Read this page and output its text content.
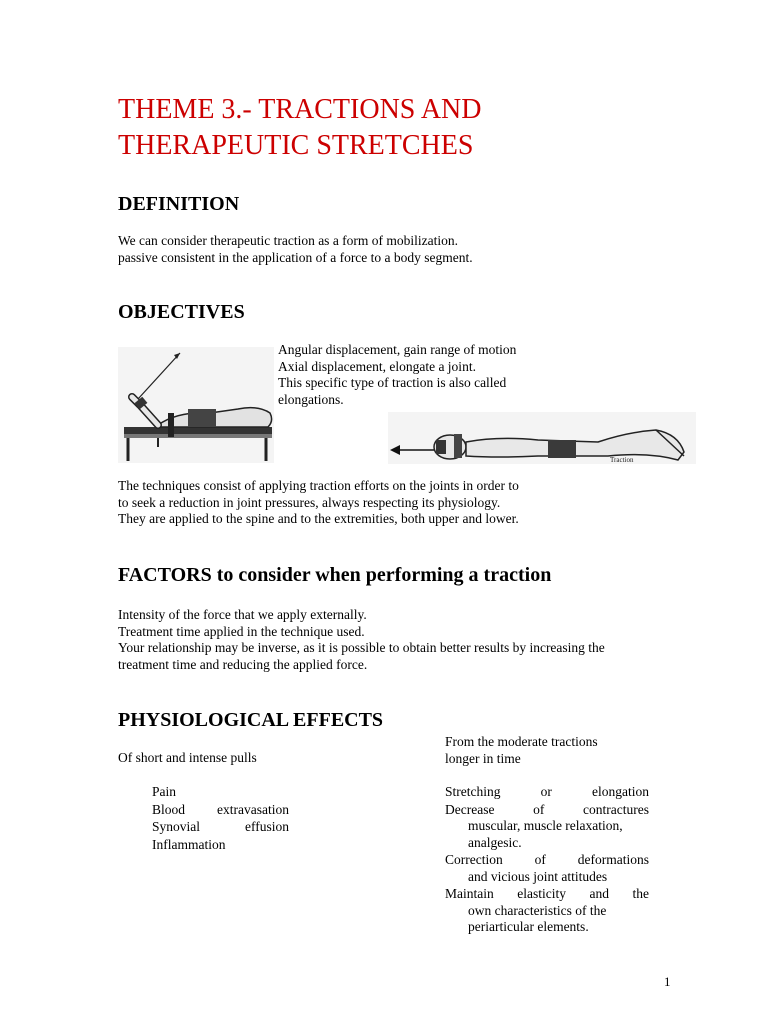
THEME 3.- TRACTIONS AND
THERAPEUTIC STRETCHES
DEFINITION
We can consider therapeutic traction as a form of mobilization.
passive consistent in the application of a force to a body segment.
OBJECTIVES
Angular displacement, gain range of motion
Axial displacement, elongate a joint.
This specific type of traction is also called
elongations.
Traction
The techniques consist of applying traction efforts on the joints in order to
to seek a reduction in joint pressures, always respecting its physiology.
They are applied to the spine and to the extremities, both upper and lower.
FACTORS to consider when performing a traction
Intensity of the force that we apply externally.
Treatment time applied in the technique used.
Your relationship may be inverse, as it is possible to obtain better results by increasing the
treatment time and reducing the applied force.
PHYSIOLOGICAL EFFECTS
Of short and intense pulls
Pain
Blood extravasation
Synovial effusion
Inflammation
From the moderate tractions
longer in time
Stretching or elongation
Decrease of contractures
muscular, muscle relaxation,
analgesic.
Correction of deformations
and vicious joint attitudes
Maintain elasticity and the
own characteristics of the
periarticular elements.
1
